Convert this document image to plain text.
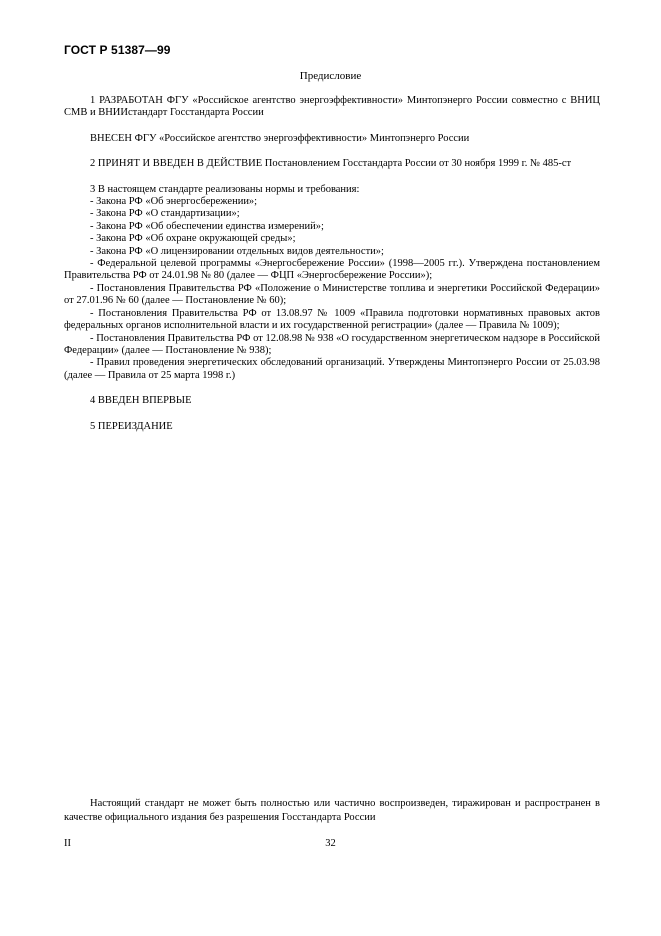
ГОСТ Р 51387—99
Предисловие

1 РАЗРАБОТАН ФГУ «Российское агентство энергоэффективности» Минтопэнерго России совместно с ВНИЦ СМВ и ВНИИстандарт Госстандарта России

ВНЕСЕН ФГУ «Российское агентство энергоэффективности» Минтопэнерго России

2 ПРИНЯТ И ВВЕДЕН В ДЕЙСТВИЕ Постановлением Госстандарта России от 30 ноября 1999 г. № 485-ст

3 В настоящем стандарте реализованы нормы и требования:

- Закона РФ «Об энергосбережении»;
- Закона РФ «О стандартизации»;
- Закона РФ «Об обеспечении единства измерений»;
- Закона РФ «Об охране окружающей среды»;
- Закона РФ «О лицензировании отдельных видов деятельности»;
- Федеральной целевой программы «Энергосбережение России» (1998—2005 гг.). Утверждена постановлением Правительства РФ от 24.01.98 № 80 (далее — ФЦП «Энергосбережение России»);
- Постановления Правительства РФ «Положение о Министерстве топлива и энергетики Российской Федерации» от 27.01.96 № 60 (далее — Постановление № 60);
- Постановления Правительства РФ от 13.08.97 № 1009 «Правила подготовки нормативных правовых актов федеральных органов исполнительной власти и их государственной регистрации» (далее — Правила № 1009);
- Постановления Правительства РФ от 12.08.98 № 938 «О государственном энергетическом надзоре в Российской Федерации» (далее — Постановление № 938);
- Правил проведения энергетических обследований организаций. Утверждены Минтопэнерго России от 25.03.98 (далее — Правила от 25 марта 1998 г.)

4 ВВЕДЕН ВПЕРВЫЕ

5 ПЕРЕИЗДАНИЕ

Настоящий стандарт не может быть полностью или частично воспроизведен, тиражирован и распространен в качестве официального издания без разрешения Госстандарта России

II	32
